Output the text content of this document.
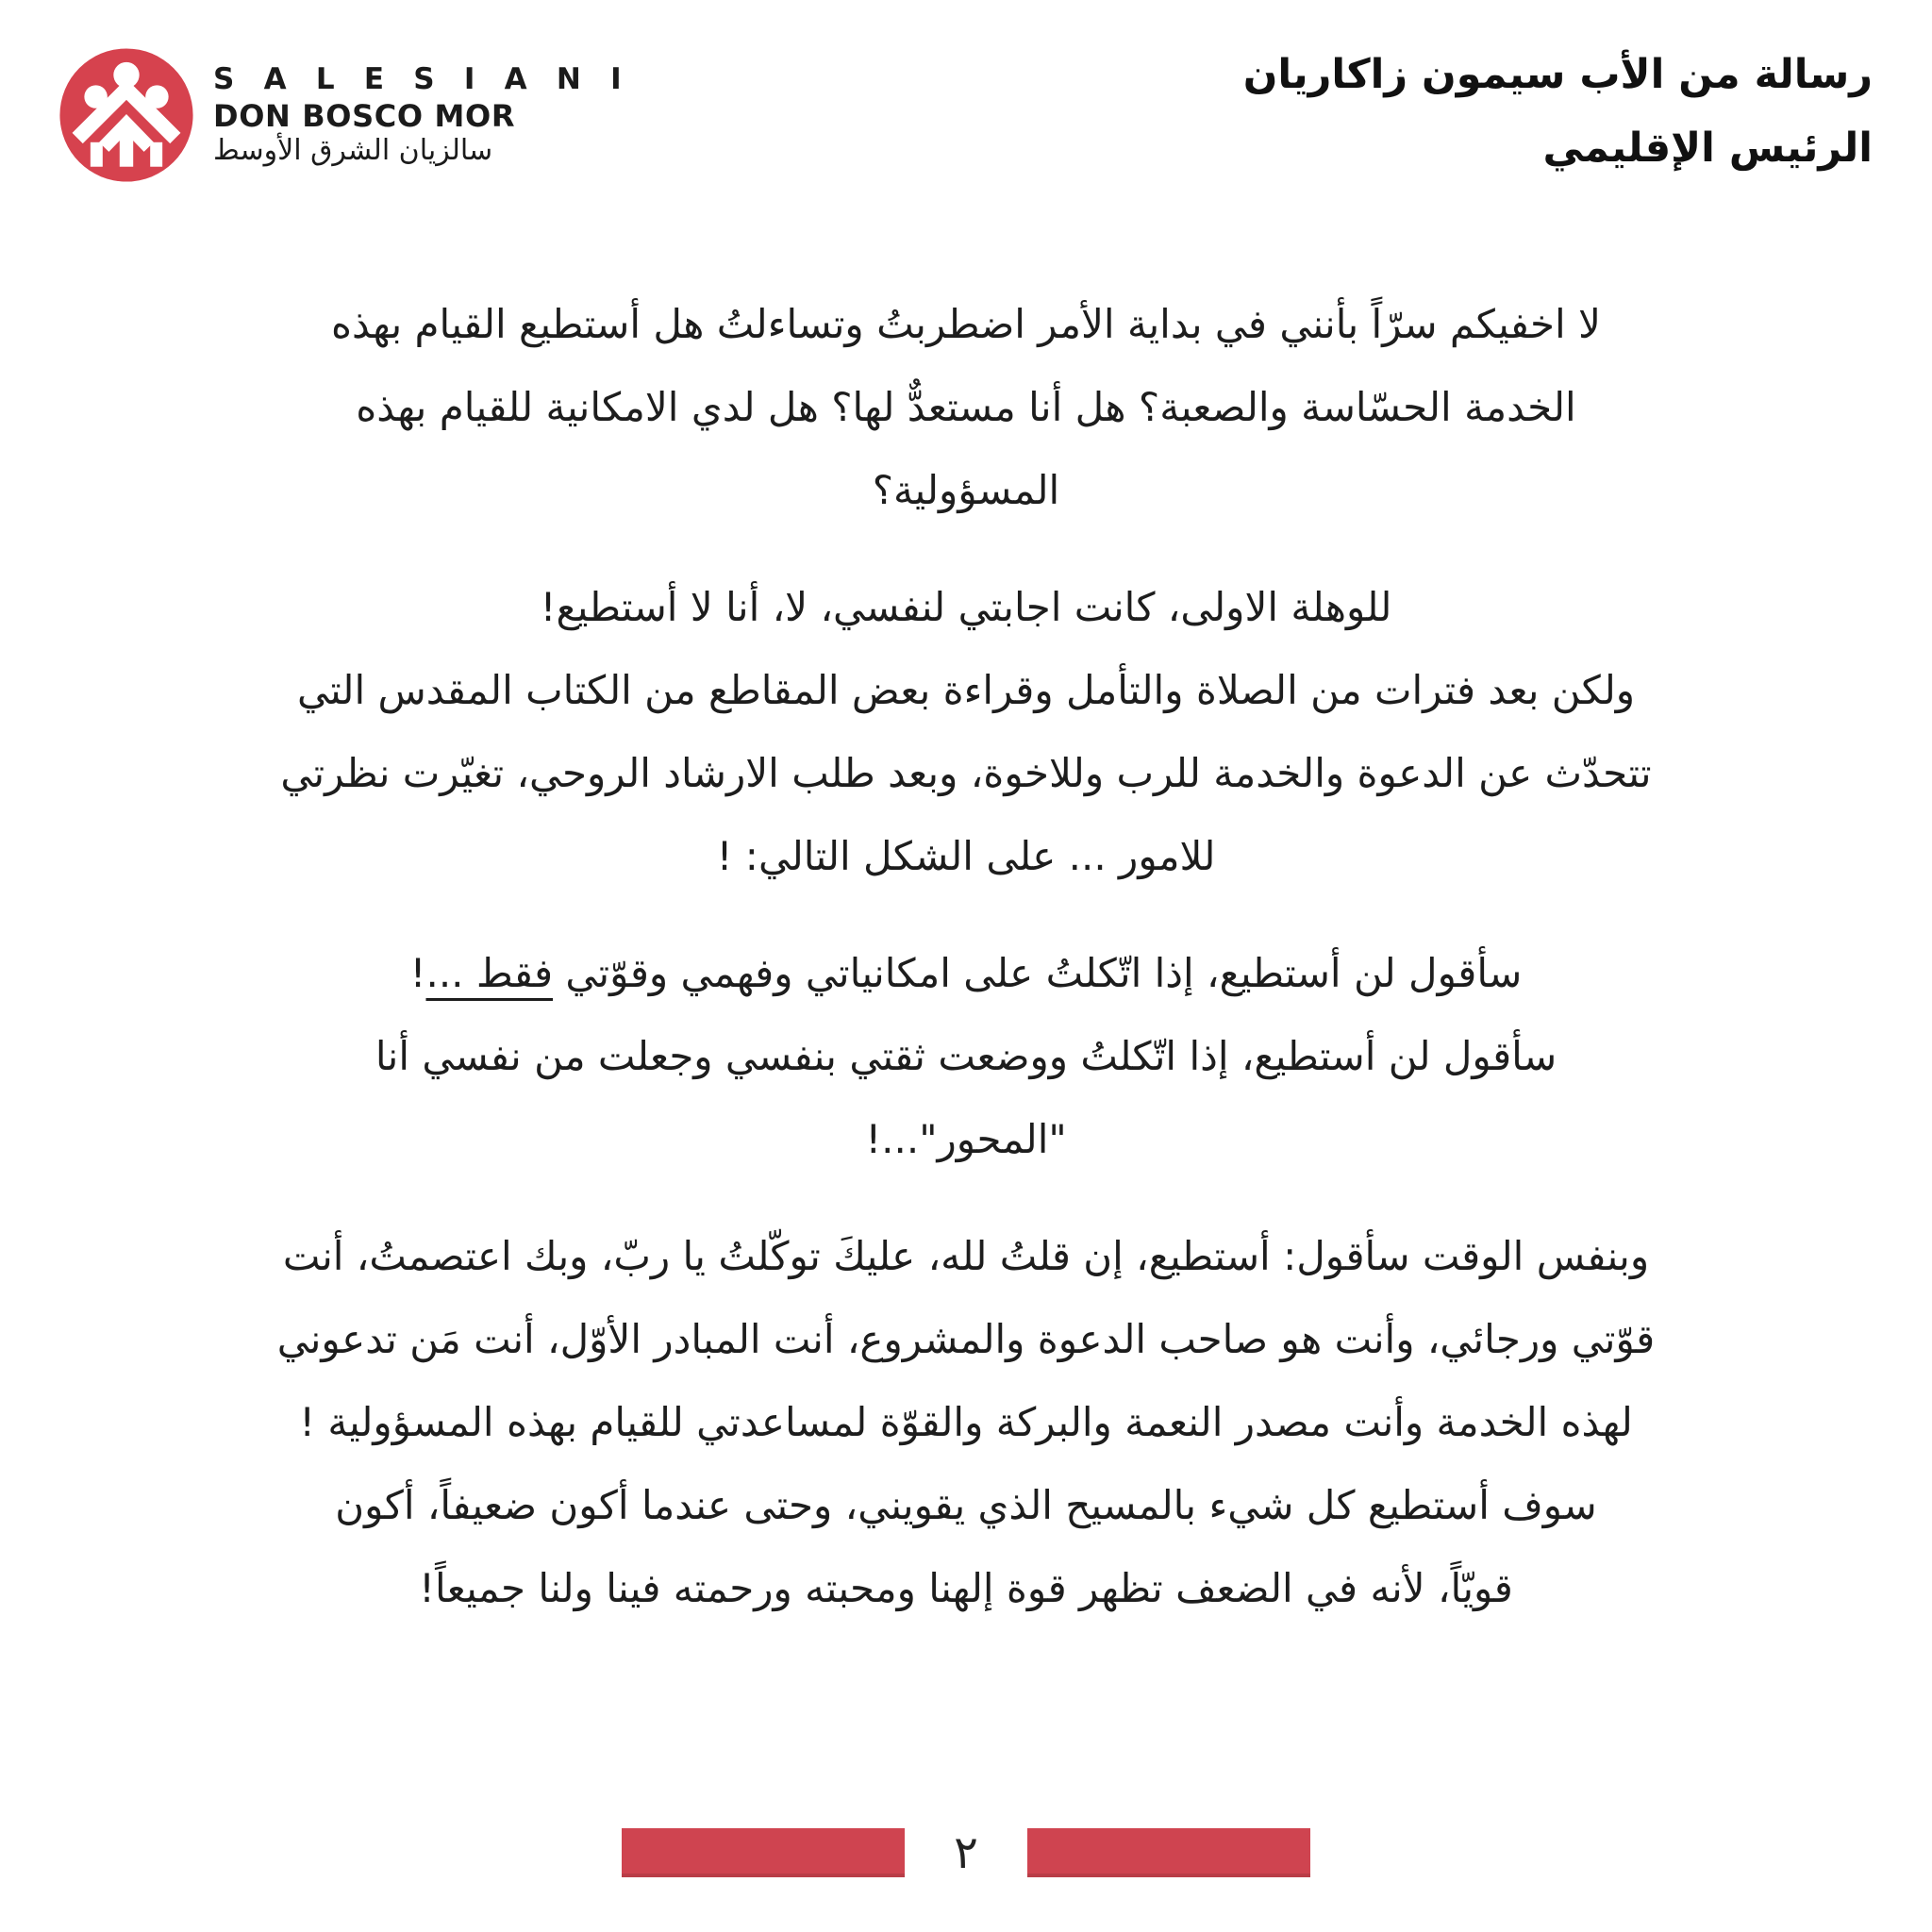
S A L E S I A N I
DON BOSCO MOR
سالزيان الشرق الأوسط
رسالة من الأب سيمون زاكاريان
الرئيس الإقليمي

لا اخفيكم سرّاً بأنني في بداية الأمر اضطربتُ وتساءلتُ هل أستطيع القيام بهذه
الخدمة الحسّاسة والصعبة؟ هل أنا مستعدٌّ لها؟ هل لدي الامكانية للقيام بهذه
المسؤولية؟

للوهلة الاولى، كانت اجابتي لنفسي، لا، أنا لا أستطيع!
ولكن بعد فترات من الصلاة والتأمل وقراءة بعض المقاطع من الكتاب المقدس التي
تتحدّث عن الدعوة والخدمة للرب وللاخوة، وبعد طلب الارشاد الروحي، تغيّرت نظرتي
للامور ... على الشكل التالي: !

سأقول لن أستطيع، إذا اتّكلتُ على امكانياتي وفهمي وقوّتي فقط ...!
سأقول لن أستطيع، إذا اتّكلتُ ووضعت ثقتي بنفسي وجعلت من نفسي أنا
"المحور"...!

وبنفس الوقت سأقول: أستطيع، إن قلتُ لله، عليكَ توكّلتُ يا ربّ، وبك اعتصمتُ، أنت
قوّتي ورجائي، وأنت هو صاحب الدعوة والمشروع، أنت المبادر الأوّل، أنت مَن تدعوني
لهذه الخدمة وأنت مصدر النعمة والبركة والقوّة لمساعدتي للقيام بهذه المسؤولية !
سوف أستطيع كل شيء بالمسيح الذي يقويني، وحتى عندما أكون ضعيفاً، أكون
قويّاً، لأنه في الضعف تظهر قوة إلهنا ومحبته ورحمته فينا ولنا جميعاً!

٢
